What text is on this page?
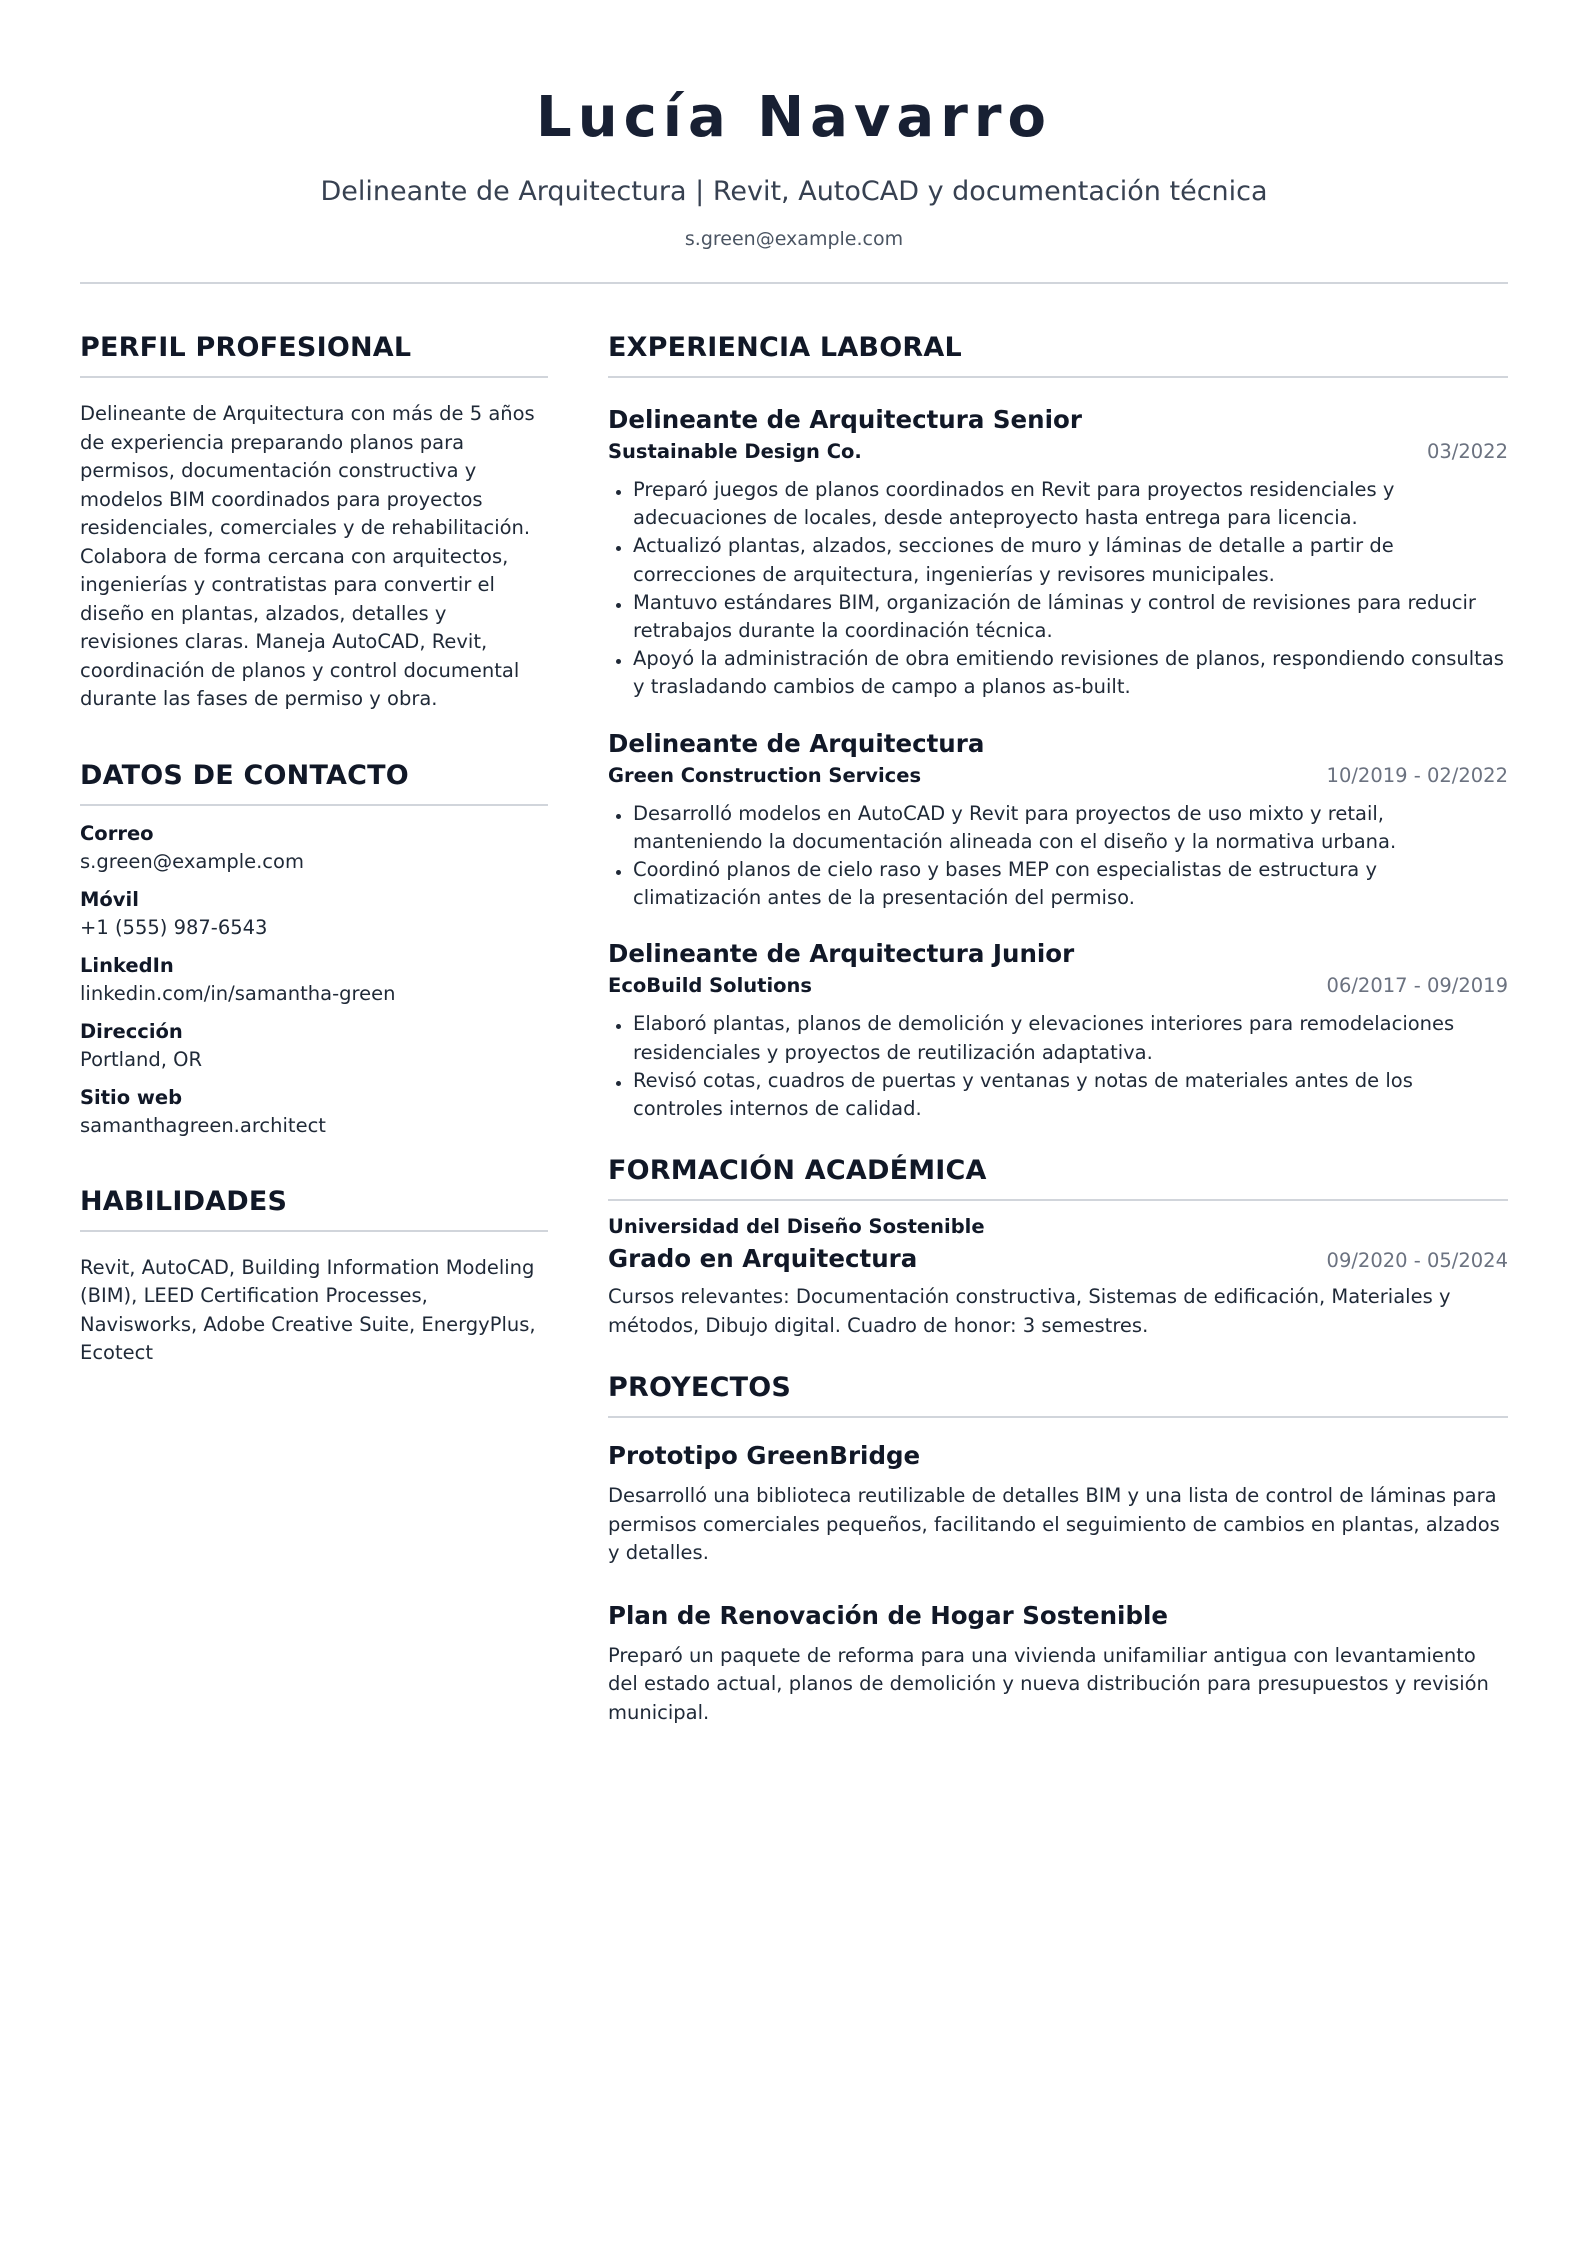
Lucía Navarro
Delineante de Arquitectura | Revit, AutoCAD y documentación técnica
s.green@example.com
PERFIL PROFESIONAL
Delineante de Arquitectura con más de 5 años de experiencia preparando planos para permisos, documentación constructiva y modelos BIM coordinados para proyectos residenciales, comerciales y de rehabilitación. Colabora de forma cercana con arquitectos, ingenierías y contratistas para convertir el diseño en plantas, alzados, detalles y revisiones claras. Maneja AutoCAD, Revit, coordinación de planos y control documental durante las fases de permiso y obra.
DATOS DE CONTACTO
Correo
s.green@example.com
Móvil
+1 (555) 987-6543
LinkedIn
linkedin.com/in/samantha-green
Dirección
Portland, OR
Sitio web
samanthagreen.architect
HABILIDADES
Revit, AutoCAD, Building Information Modeling (BIM), LEED Certification Processes, Navisworks, Adobe Creative Suite, EnergyPlus, Ecotect
EXPERIENCIA LABORAL
Delineante de Arquitectura Senior
Sustainable Design Co.	03/2022
Preparó juegos de planos coordinados en Revit para proyectos residenciales y adecuaciones de locales, desde anteproyecto hasta entrega para licencia.
Actualizó plantas, alzados, secciones de muro y láminas de detalle a partir de correcciones de arquitectura, ingenierías y revisores municipales.
Mantuvo estándares BIM, organización de láminas y control de revisiones para reducir retrabajos durante la coordinación técnica.
Apoyó la administración de obra emitiendo revisiones de planos, respondiendo consultas y trasladando cambios de campo a planos as-built.
Delineante de Arquitectura
Green Construction Services	10/2019 - 02/2022
Desarrolló modelos en AutoCAD y Revit para proyectos de uso mixto y retail, manteniendo la documentación alineada con el diseño y la normativa urbana.
Coordinó planos de cielo raso y bases MEP con especialistas de estructura y climatización antes de la presentación del permiso.
Delineante de Arquitectura Junior
EcoBuild Solutions	06/2017 - 09/2019
Elaboró plantas, planos de demolición y elevaciones interiores para remodelaciones residenciales y proyectos de reutilización adaptativa.
Revisó cotas, cuadros de puertas y ventanas y notas de materiales antes de los controles internos de calidad.
FORMACIÓN ACADÉMICA
Universidad del Diseño Sostenible
Grado en Arquitectura	09/2020 - 05/2024
Cursos relevantes: Documentación constructiva, Sistemas de edificación, Materiales y métodos, Dibujo digital. Cuadro de honor: 3 semestres.
PROYECTOS
Prototipo GreenBridge
Desarrolló una biblioteca reutilizable de detalles BIM y una lista de control de láminas para permisos comerciales pequeños, facilitando el seguimiento de cambios en plantas, alzados y detalles.
Plan de Renovación de Hogar Sostenible
Preparó un paquete de reforma para una vivienda unifamiliar antigua con levantamiento del estado actual, planos de demolición y nueva distribución para presupuestos y revisión municipal.
